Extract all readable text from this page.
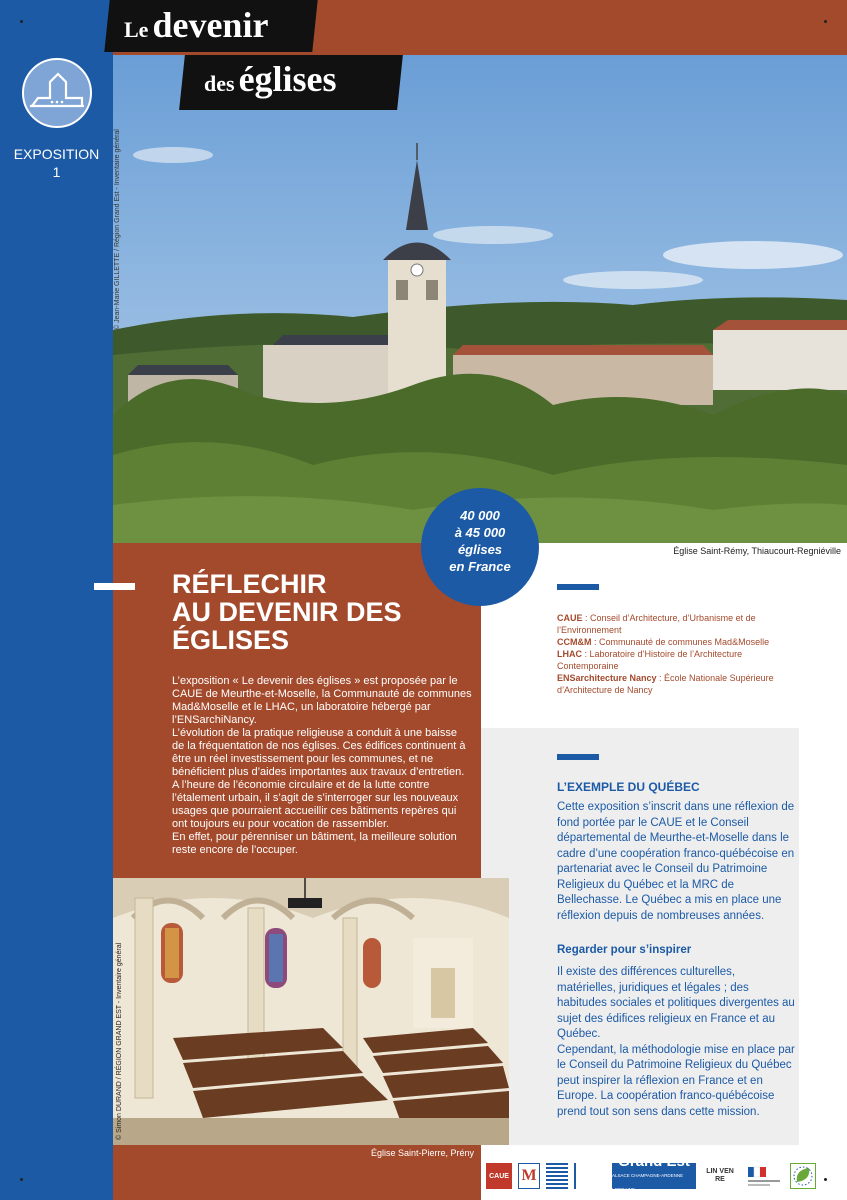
EXPOSITION
1	© Jean-Marie GILLETTE / Région Grand Est - Inventaire général
Le devenir
des églises
Église Saint-Rémy, Thiaucourt-Regniéville
RÉFLECHIR
AU DEVENIR DES
ÉGLISES

L’exposition « Le devenir des églises » est proposée par le CAUE de Meurthe-et-Moselle, la Communauté de communes Mad&Moselle et le LHAC, un laboratoire hébergé par l’ENSarchiNancy.

L’évolution de la pratique religieuse a conduit à une baisse de la fréquentation de nos églises. Ces édifices continuent à être un réel investissement pour les communes, et ne bénéficient plus d’aides importantes aux travaux d’entretien.

A l’heure de l’économie circulaire et de la lutte contre l’étalement urbain, il s’agit de s’interroger sur les nouveaux usages que pourraient accueillir ces bâtiments repères qui ont toujours eu pour vocation de rassembler.

En effet, pour pérenniser un bâtiment, la meilleure solution reste encore de l’occuper.

40 000
à 45 000
églises
en France
CAUE : Conseil d’Architecture, d’Urbanisme et de l’Environnement
CCM&M : Communauté de communes Mad&Moselle
LHAC : Laboratoire d’Histoire de l’Architecture Contemporaine
ENSarchitecture Nancy : École Nationale Supérieure d’Architecture de Nancy
L’EXEMPLE DU QUÉBEC
Cette exposition s’inscrit dans une réflexion de fond portée par le CAUE et le Conseil départemental de Meurthe-et-Moselle dans le cadre d’une coopération franco-québécoise en partenariat avec le Conseil du Patrimoine Religieux du Québec et la MRC de Bellechasse. Le Québec a mis en place une réflexion depuis de nombreuses années.
Regarder pour s’inspirer
Il existe des différences culturelles, matérielles, juridiques et légales ; des habitudes sociales et politiques divergentes au sujet des édifices religieux en France et au Québec.
Cependant, la méthodologie mise en place par le Conseil du Patrimoine Religieux du Québec peut inspirer la réflexion en France et en Europe. La coopération franco-québécoise prend tout son sens dans cette mission.
© Simon DURAND / RÉGION GRAND EST - Inventaire général
Église Saint-Pierre, Prény
CAUE M
Grand Est
ALSACE CHAMPAGNE-ARDENNE LORRAINE
LIN VEN RE
